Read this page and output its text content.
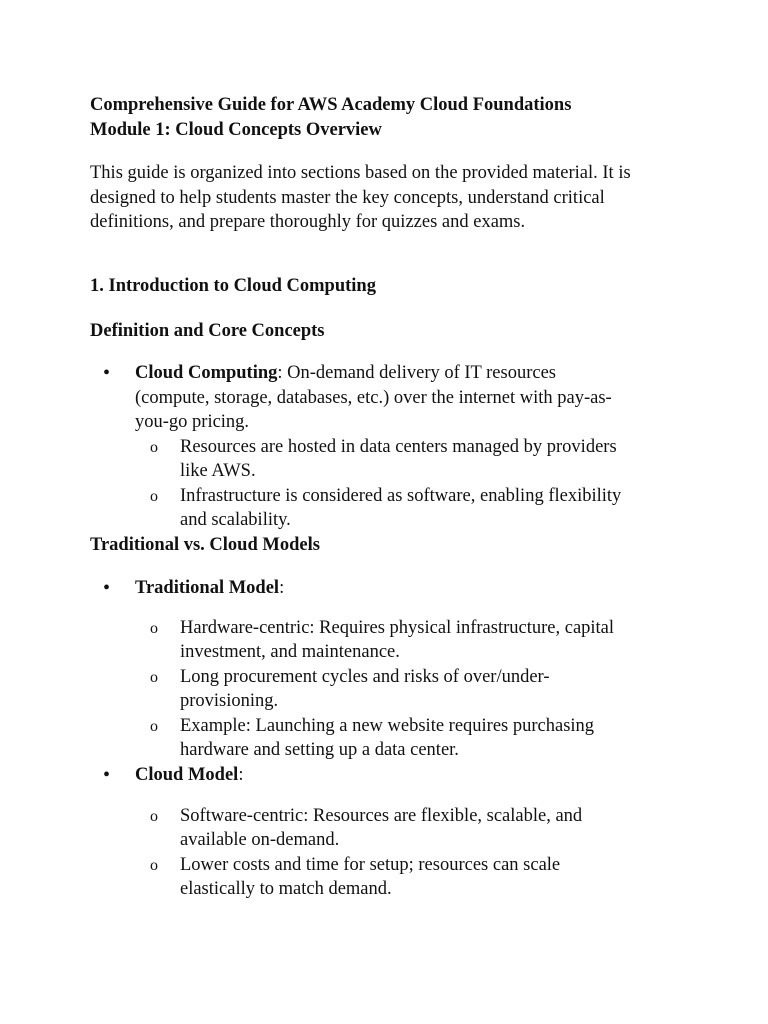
Comprehensive Guide for AWS Academy Cloud Foundations
Module 1: Cloud Concepts Overview
This guide is organized into sections based on the provided material. It is
designed to help students master the key concepts, understand critical
definitions, and prepare thoroughly for quizzes and exams.
1. Introduction to Cloud Computing
Definition and Core Concepts
• Cloud Computing: On-demand delivery of IT resources
(compute, storage, databases, etc.) over the internet with pay-as-
you-go pricing.
o Resources are hosted in data centers managed by providers
like AWS.
o Infrastructure is considered as software, enabling flexibility
and scalability.
Traditional vs. Cloud Models
• Traditional Model:
o Hardware-centric: Requires physical infrastructure, capital
investment, and maintenance.
o Long procurement cycles and risks of over/under-
provisioning.
o Example: Launching a new website requires purchasing
hardware and setting up a data center.
• Cloud Model:
o Software-centric: Resources are flexible, scalable, and
available on-demand.
o Lower costs and time for setup; resources can scale
elastically to match demand.
